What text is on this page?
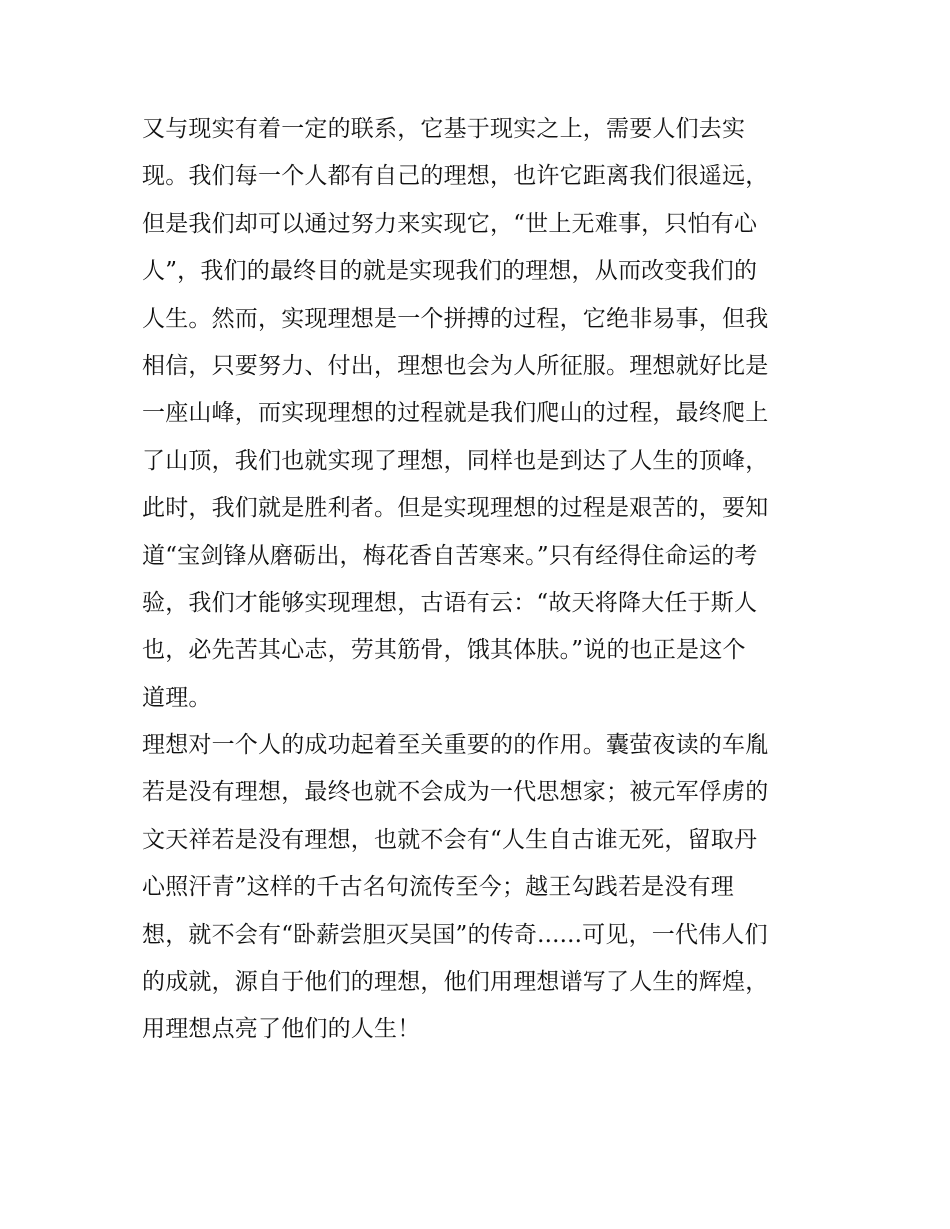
又与现实有着一定的联系，它基于现实之上，需要人们去实
现。我们每一个人都有自己的理想，也许它距离我们很遥远，
但是我们却可以通过努力来实现它，“世上无难事，只怕有心
人”，我们的最终目的就是实现我们的理想，从而改变我们的
人生。然而，实现理想是一个拼搏的过程，它绝非易事，但我
相信，只要努力、付出，理想也会为人所征服。理想就好比是
一座山峰，而实现理想的过程就是我们爬山的过程，最终爬上
了山顶，我们也就实现了理想，同样也是到达了人生的顶峰，
此时，我们就是胜利者。但是实现理想的过程是艰苦的，要知
道“宝剑锋从磨砺出，梅花香自苦寒来。”只有经得住命运的考
验，我们才能够实现理想，古语有云：“故天将降大任于斯人
也，必先苦其心志，劳其筋骨，饿其体肤。”说的也正是这个
道理。
理想对一个人的成功起着至关重要的的作用。囊萤夜读的车胤
若是没有理想，最终也就不会成为一代思想家；被元军俘虏的
文天祥若是没有理想，也就不会有“人生自古谁无死，留取丹
心照汗青”这样的千古名句流传至今；越王勾践若是没有理
想，就不会有“卧薪尝胆灭吴国”的传奇......可见，一代伟人们
的成就，源自于他们的理想，他们用理想谱写了人生的辉煌，
用理想点亮了他们的人生！
